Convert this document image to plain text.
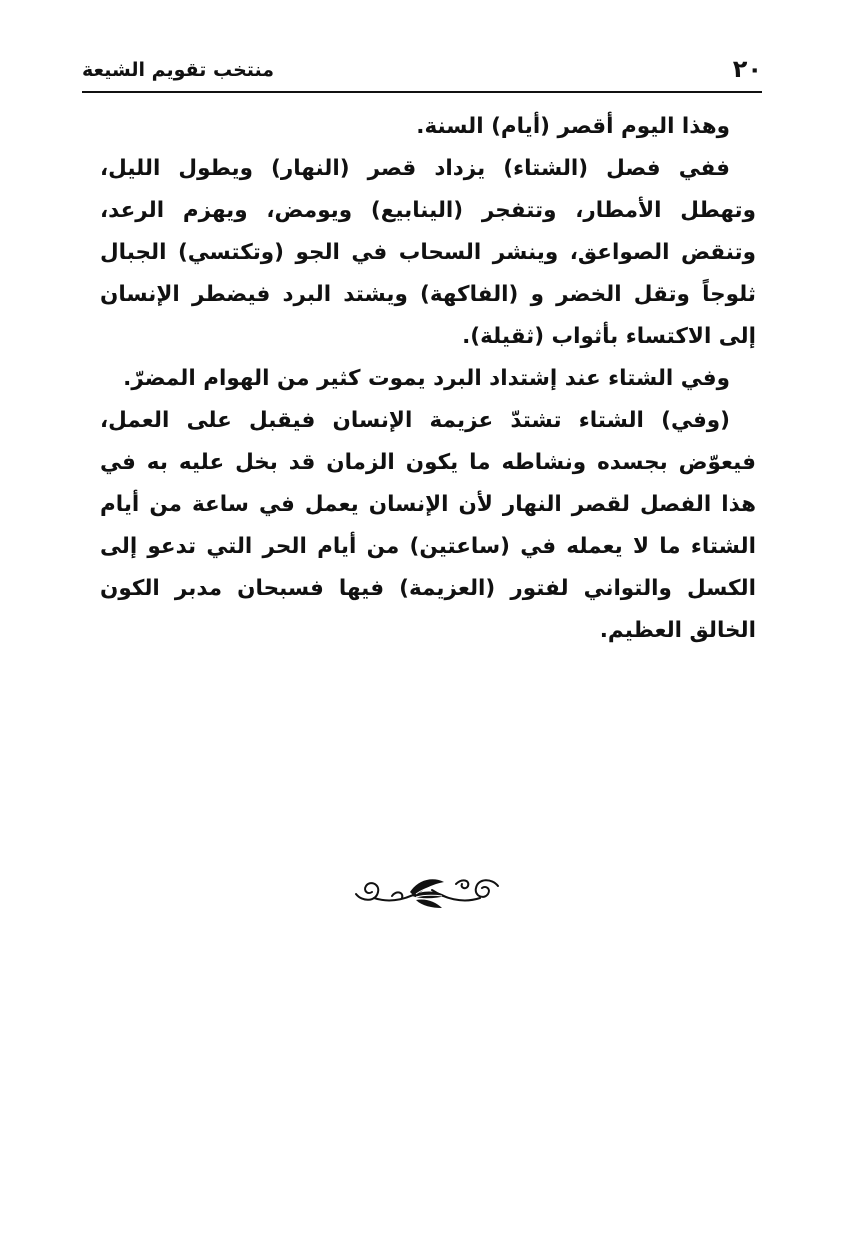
٢٠
منتخب تقويم الشيعة

وهذا اليوم أقصر (أيام) السنة.

ففي فصل (الشتاء) يزداد قصر (النهار) ويطول الليل، وتهطل الأمطار، وتتفجر (الينابيع) ويومض، ويهزم الرعد، وتنقض الصواعق، وينشر السحاب في الجو (وتكتسي) الجبال ثلوجاً وتقل الخضر و (الفاكهة) ويشتد البرد فيضطر الإنسان إلى الاكتساء بأثواب (ثقيلة).

وفي الشتاء عند إشتداد البرد يموت كثير من الهوام المضرّ.

(وفي) الشتاء تشتدّ عزيمة الإنسان فيقبل على العمل، فيعوّض بجسده ونشاطه ما يكون الزمان قد بخل عليه به في هذا الفصل لقصر النهار لأن الإنسان يعمل في ساعة من أيام الشتاء ما لا يعمله في (ساعتين) من أيام الحر التي تدعو إلى الكسل والتواني لفتور (العزيمة) فيها فسبحان مدبر الكون الخالق العظيم.
